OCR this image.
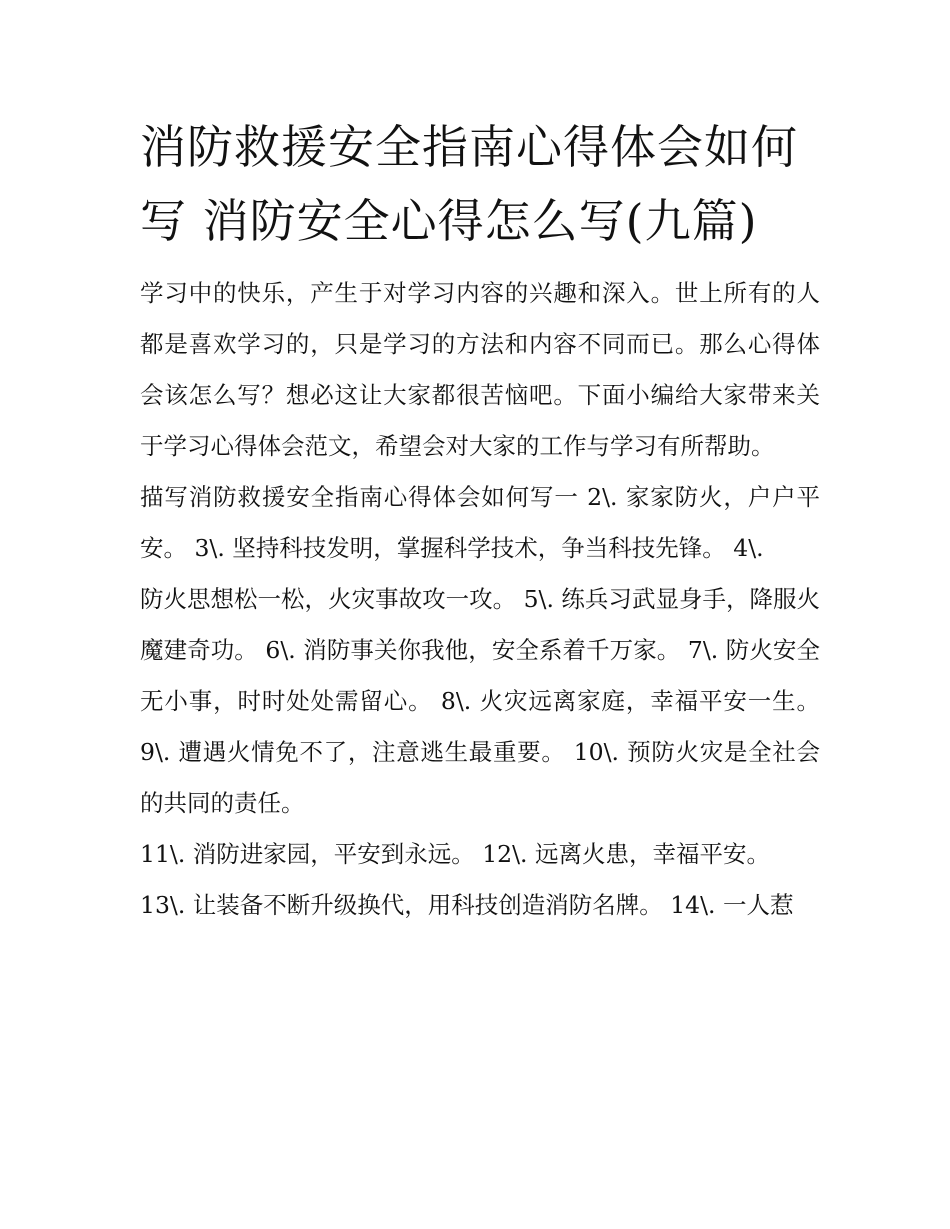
消防救援安全指南心得体会如何写 消防安全心得怎么写(九篇)

学习中的快乐，产生于对学习内容的兴趣和深入。世上所有的人都是喜欢学习的，只是学习的方法和内容不同而已。那么心得体会该怎么写？想必这让大家都很苦恼吧。下面小编给大家带来关于学习心得体会范文，希望会对大家的工作与学习有所帮助。

描写消防救援安全指南心得体会如何写一 2\. 家家防火，户户平安。 3\. 坚持科技发明，掌握科学技术，争当科技先锋。 4\.

防火思想松一松，火灾事故攻一攻。 5\. 练兵习武显身手，降服火魔建奇功。 6\. 消防事关你我他，安全系着千万家。 7\. 防火安全无小事，时时处处需留心。 8\. 火灾远离家庭，幸福平安一生。 9\. 遭遇火情免不了，注意逃生最重要。 10\. 预防火灾是全社会的共同的责任。

11\. 消防进家园，平安到永远。 12\. 远离火患，幸福平安。

13\. 让装备不断升级换代，用科技创造消防名牌。 14\. 一人惹
